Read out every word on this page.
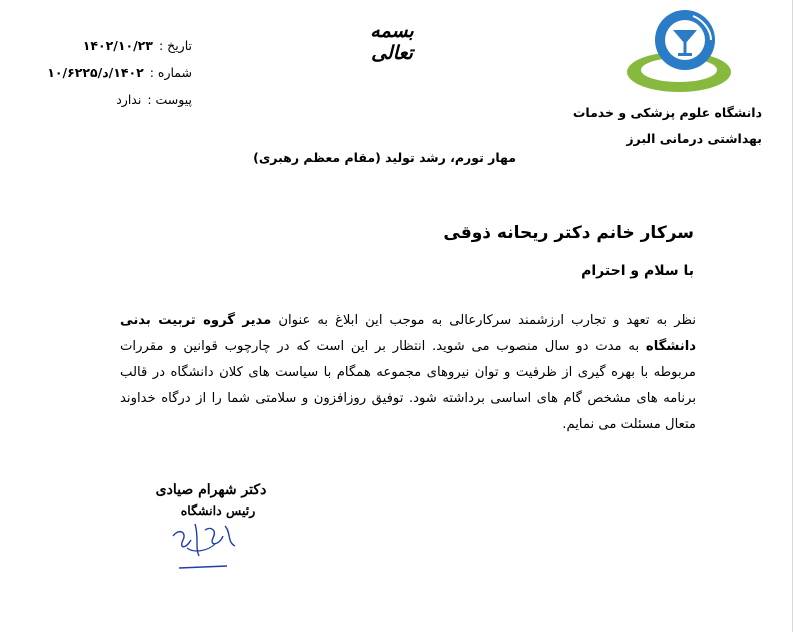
دانشگاه علوم پزشکی و خدمات
بهداشتی درمانی البرز
بسمه تعالی
تاریخ :
۱۴۰۲/۱۰/۲۳
شماره :
۱۴۰۲/د/۱۰/۶۲۲۵
پیوست :
ندارد
مهار تورم، رشد تولید (مقام معظم رهبری)
سرکار خانم دکتر ریحانه ذوقی
با سلام و احترام
نظر به تعهد و تجارب ارزشمند سرکارعالی به موجب این ابلاغ به عنوان مدیر گروه تربیت بدنی دانشگاه به مدت دو سال منصوب می شوید. انتظار بر این است که در چارچوب قوانین و مقررات مربوطه با بهره گیری از ظرفیت و توان نیروهای مجموعه همگام با سیاست های کلان دانشگاه در قالب برنامه های مشخص گام های اساسی برداشته شود. توفیق روزافزون و سلامتی شما را از درگاه خداوند متعال مسئلت می نمایم.
دکتر شهرام صیادی
رئیس دانشگاه
